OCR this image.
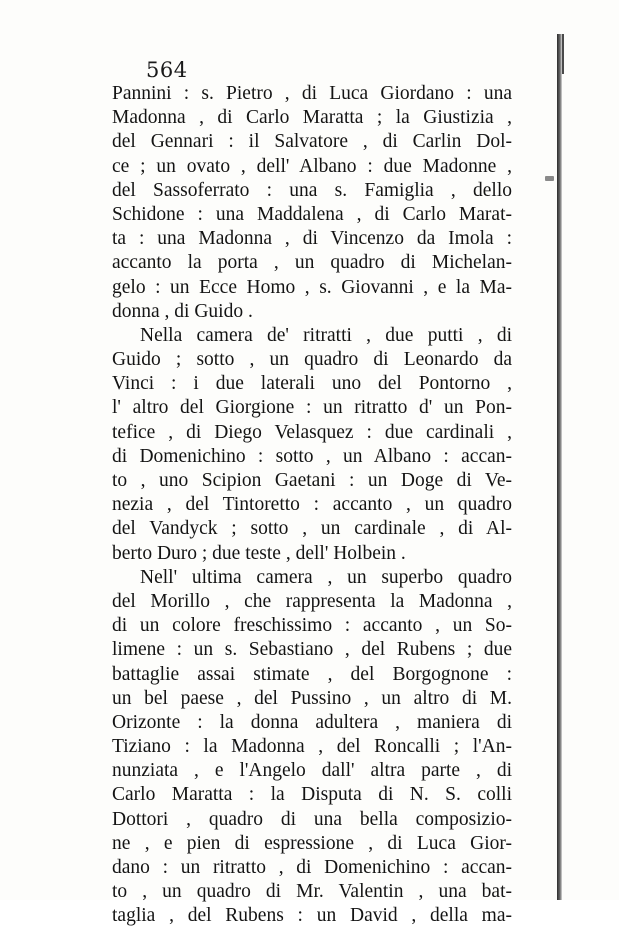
564
Pannini : s. Pietro , di Luca Giordano : una
Madonna , di Carlo Maratta ; la Giustizia ,
del Gennari : il Salvatore , di Carlin Dol-
ce ; un ovato , dell' Albano : due Madonne ,
del Sassoferrato : una s. Famiglia , dello
Schidone : una Maddalena , di Carlo Marat-
ta : una Madonna , di Vincenzo da Imola :
accanto la porta , un quadro di Michelan-
gelo : un Ecce Homo , s. Giovanni , e la Ma-
donna , di Guido .
Nella camera de' ritratti , due putti , di
Guido ; sotto , un quadro di Leonardo da
Vinci : i due laterali uno del Pontorno ,
l' altro del Giorgione : un ritratto d' un Pon-
tefice , di Diego Velasquez : due cardinali ,
di Domenichino : sotto , un Albano : accan-
to , uno Scipion Gaetani : un Doge di Ve-
nezia , del Tintoretto : accanto , un quadro
del Vandyck ; sotto , un cardinale , di Al-
berto Duro ; due teste , dell' Holbein .
Nell' ultima camera , un superbo quadro
del Morillo , che rappresenta la Madonna ,
di un colore freschissimo : accanto , un So-
limene : un s. Sebastiano , del Rubens ; due
battaglie assai stimate , del Borgognone :
un bel paese , del Pussino , un altro di M.
Orizonte : la donna adultera , maniera di
Tiziano : la Madonna , del Roncalli ; l'An-
nunziata , e l'Angelo dall' altra parte , di
Carlo Maratta : la Disputa di N. S. colli
Dottori , quadro di una bella composizio-
ne , e pien di espressione , di Luca Gior-
dano : un ritratto , di Domenichino : accan-
to , un quadro di Mr. Valentin , una bat-
taglia , del Rubens : un David , della ma-
